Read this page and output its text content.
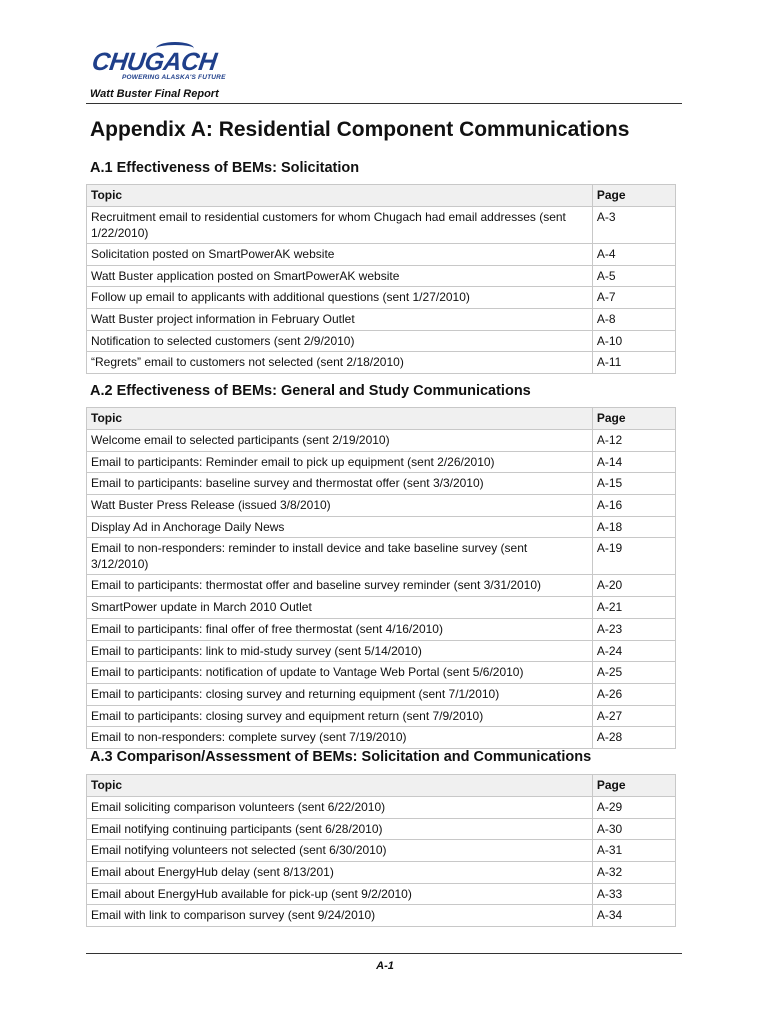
CHUGACH
POWERING ALASKA'S FUTURE
Watt Buster Final Report
Appendix A: Residential Component Communications
A.1 Effectiveness of BEMs: Solicitation
Topic	Page
Recruitment email to residential customers for whom Chugach had email addresses (sent 1/22/2010)	A-3
Solicitation posted on SmartPowerAK website	A-4
Watt Buster application posted on SmartPowerAK website	A-5
Follow up email to applicants with additional questions (sent 1/27/2010)	A-7
Watt Buster project information in February Outlet	A-8
Notification to selected customers (sent 2/9/2010)	A-10
“Regrets” email to customers not selected (sent 2/18/2010)	A-11
A.2 Effectiveness of BEMs: General and Study Communications
Topic	Page
Welcome email to selected participants (sent 2/19/2010)	A-12
Email to participants: Reminder email to pick up equipment (sent 2/26/2010)	A-14
Email to participants: baseline survey and thermostat offer (sent 3/3/2010)	A-15
Watt Buster Press Release (issued 3/8/2010)	A-16
Display Ad in Anchorage Daily News	A-18
Email to non-responders: reminder to install device and take baseline survey (sent 3/12/2010)	A-19
Email to participants: thermostat offer and baseline survey reminder (sent 3/31/2010)	A-20
SmartPower update in March 2010 Outlet	A-21
Email to participants: final offer of free thermostat (sent 4/16/2010)	A-23
Email to participants: link to mid-study survey (sent 5/14/2010)	A-24
Email to participants: notification of update to Vantage Web Portal (sent 5/6/2010)	A-25
Email to participants: closing survey and returning equipment (sent 7/1/2010)	A-26
Email to participants: closing survey and equipment return (sent 7/9/2010)	A-27
Email to non-responders: complete survey (sent 7/19/2010)	A-28
A.3 Comparison/Assessment of BEMs: Solicitation and Communications
Topic	Page
Email soliciting comparison volunteers (sent 6/22/2010)	A-29
Email notifying continuing participants (sent 6/28/2010)	A-30
Email notifying volunteers not selected (sent 6/30/2010)	A-31
Email about EnergyHub delay (sent 8/13/201)	A-32
Email about EnergyHub available for pick-up (sent 9/2/2010)	A-33
Email with link to comparison survey (sent 9/24/2010)	A-34
A-1
